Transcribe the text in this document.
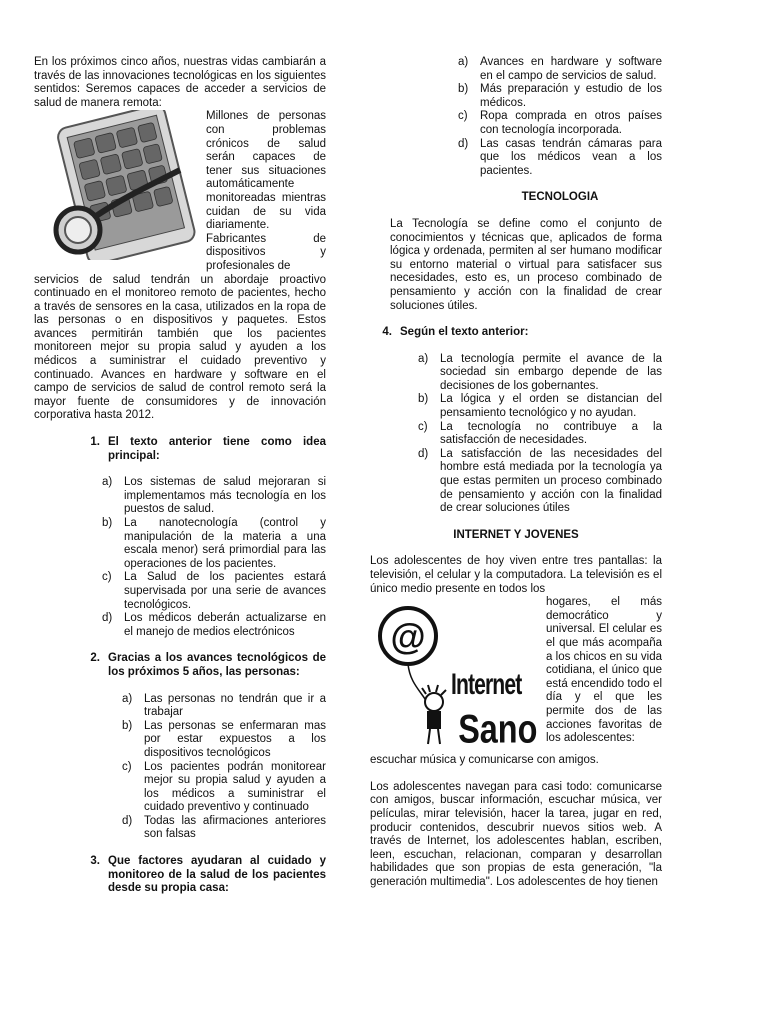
En los próximos cinco años, nuestras vidas cambiarán a través de las innovaciones tecnológicas en los siguientes sentidos: Seremos capaces de acceder a servicios de salud de manera remota:

Millones de personas con problemas crónicos de salud serán capaces de tener sus situaciones automáticamente monitoreadas mientras cuidan de su vida diariamente. Fabricantes de dispositivos y profesionales de

servicios de salud tendrán un abordaje proactivo continuado en el monitoreo remoto de pacientes, hecho a través de sensores en la casa, utilizados en la ropa de las personas o en dispositivos y paquetes. Estos avances permitirán también que los pacientes monitoreen mejor su propia salud y ayuden a los médicos a suministrar el cuidado preventivo y continuado. Avances en hardware y software en el campo de servicios de salud de control remoto será la mayor fuente de consumidores y de innovación corporativa hasta 2012.

1. El texto anterior tiene como idea principal:

a)	Los sistemas de salud mejoraran si implementamos más tecnología en los puestos de salud.
b)	La nanotecnología (control y manipulación de la materia a una escala menor) será primordial para las operaciones de los pacientes.
c)	La Salud de los pacientes estará supervisada por una serie de avances tecnológicos.
d)	Los médicos deberán actualizarse en el manejo de medios electrónicos

2. Gracias a los avances tecnológicos de los próximos 5 años, las personas:

a)	Las personas no tendrán que ir a trabajar
b)	Las personas se enfermaran mas por estar expuestos a los dispositivos tecnológicos
c)	Los pacientes podrán monitorear mejor su propia salud y ayuden a los médicos a suministrar el cuidado preventivo y continuado
d)	Todas las afirmaciones anteriores son falsas

3. Que factores ayudaran al cuidado y monitoreo de la salud de los pacientes desde su propia casa:

a)	Avances en hardware y software en el campo de servicios de salud.
b)	Más preparación y estudio de los médicos.
c)	Ropa comprada en otros países con tecnología incorporada.
d)	Las casas tendrán cámaras para que los médicos vean a los pacientes.

TECNOLOGIA

La Tecnología se define como el conjunto de conocimientos y técnicas que, aplicados de forma lógica y ordenada, permiten al ser humano modificar su entorno material o virtual para satisfacer sus necesidades, esto es, un proceso combinado de pensamiento y acción con la finalidad de crear soluciones útiles.

4. Según el texto anterior:

a)	La tecnología permite el avance de la sociedad sin embargo depende de las decisiones de los gobernantes.
b)	La lógica y el orden se distancian del pensamiento tecnológico y no ayudan.
c)	La tecnología no contribuye a la satisfacción de necesidades.
d)	La satisfacción de las necesidades del hombre está mediada por la tecnología ya que estas permiten un proceso combinado de pensamiento y acción con la finalidad de crear soluciones útiles

INTERNET Y JOVENES

Los adolescentes de hoy viven entre tres pantallas: la televisión, el celular y la computadora. La televisión es el único medio presente en todos los

@
Internet
Sano

hogares, el más democrático y universal. El celular es el que más acompaña a los chicos en su vida cotidiana, el único que está encendido todo el día y el que les permite dos de las acciones favoritas de los adolescentes:

escuchar música y comunicarse con amigos.

Los adolescentes navegan para casi todo: comunicarse con amigos, buscar información, escuchar música, ver películas, mirar televisión, hacer la tarea, jugar en red, producir contenidos, descubrir nuevos sitios web. A través de Internet, los adolescentes hablan, escriben, leen, escuchan, relacionan, comparan y desarrollan habilidades que son propias de esta generación, "la generación multimedia". Los adolescentes de hoy tienen
